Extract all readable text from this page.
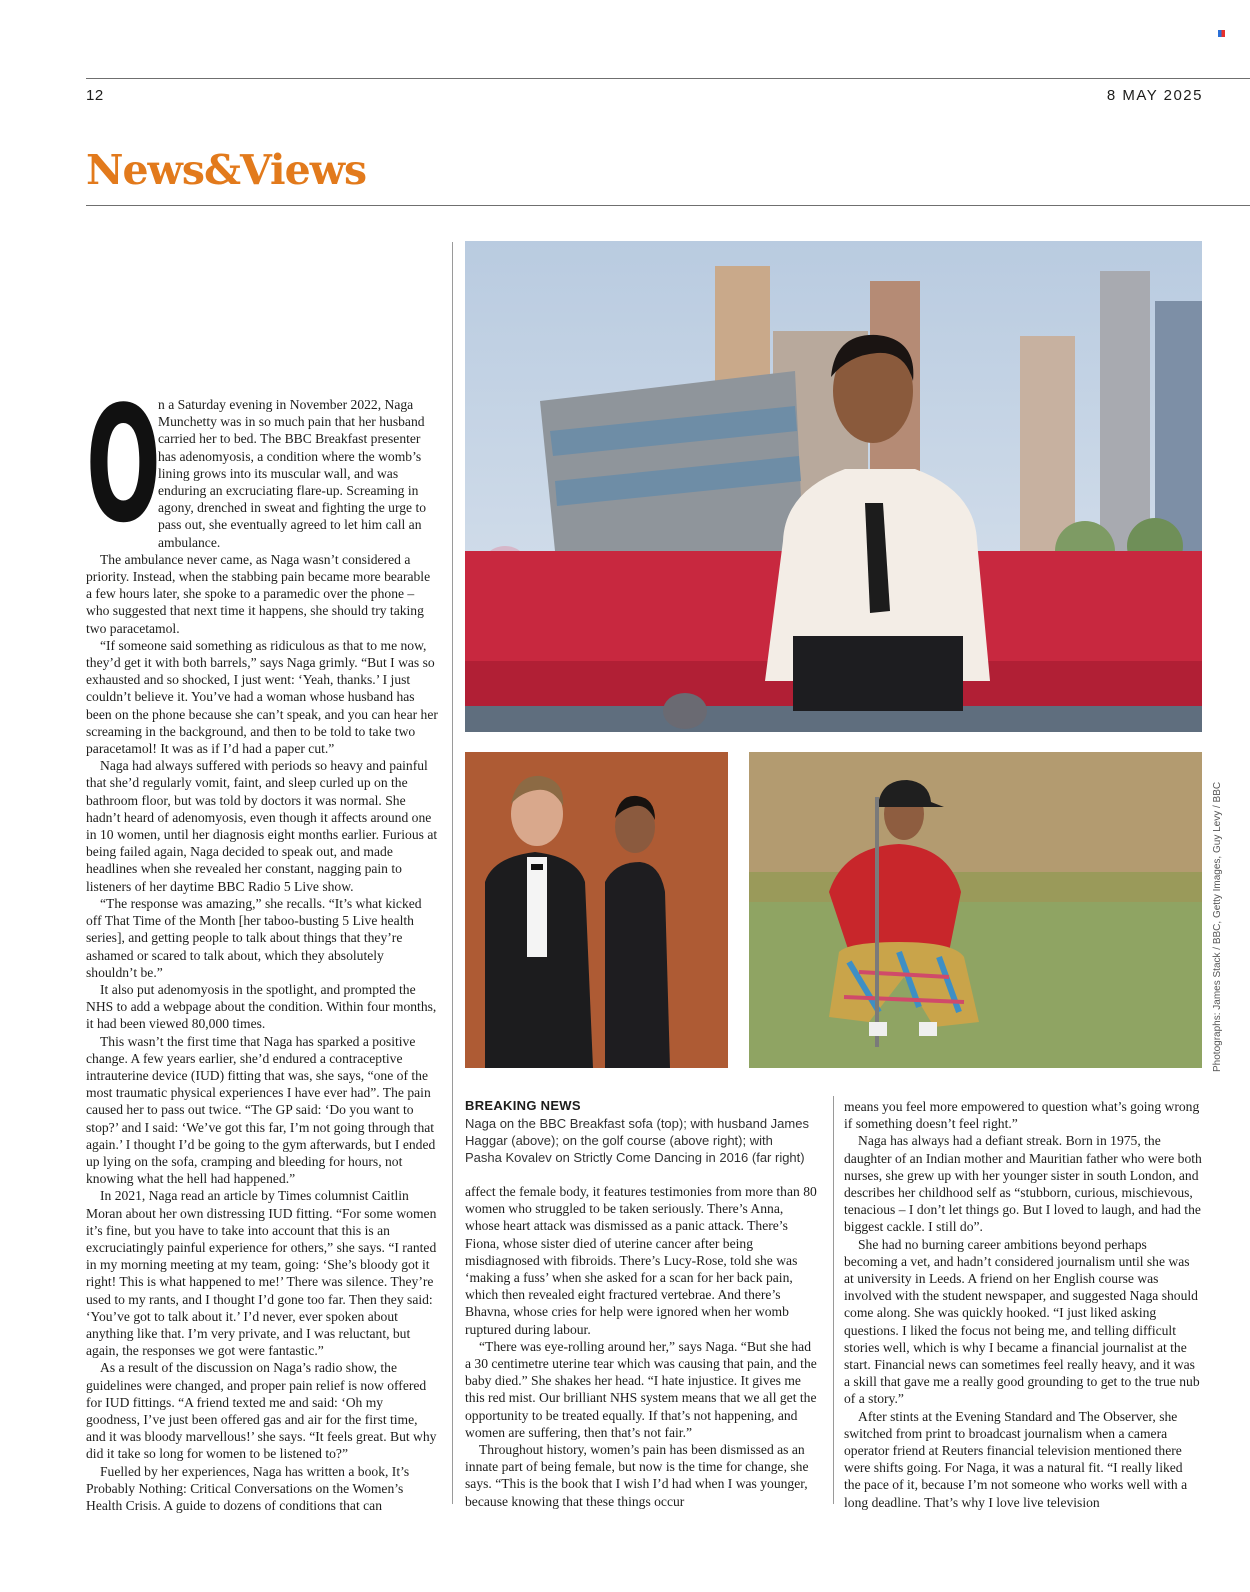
12	8 MAY 2025
News&Views

O
n a Saturday evening in November 2022, Naga Munchetty was in so much pain that her husband carried her to bed. The BBC Breakfast presenter has adenomyosis, a condition where the womb’s lining grows into its muscular wall, and was enduring an excruciating flare-up. Screaming in agony, drenched in sweat and fighting the urge to pass out, she eventually agreed to let him call an ambulance.

The ambulance never came, as Naga wasn’t considered a priority. Instead, when the stabbing pain became more bearable a few hours later, she spoke to a paramedic over the phone – who suggested that next time it happens, she should try taking two paracetamol.

“If someone said something as ridiculous as that to me now, they’d get it with both barrels,” says Naga grimly. “But I was so exhausted and so shocked, I just went: ‘Yeah, thanks.’ I just couldn’t believe it. You’ve had a woman whose husband has been on the phone because she can’t speak, and you can hear her screaming in the background, and then to be told to take two paracetamol! It was as if I’d had a paper cut.”

Naga had always suffered with periods so heavy and painful that she’d regularly vomit, faint, and sleep curled up on the bathroom floor, but was told by doctors it was normal. She hadn’t heard of adenomyosis, even though it affects around one in 10 women, until her diagnosis eight months earlier. Furious at being failed again, Naga decided to speak out, and made headlines when she revealed her constant, nagging pain to listeners of her daytime BBC Radio 5 Live show.

“The response was amazing,” she recalls. “It’s what kicked off That Time of the Month [her taboo-busting 5 Live health series], and getting people to talk about things that they’re ashamed or scared to talk about, which they absolutely shouldn’t be.”

It also put adenomyosis in the spotlight, and prompted the NHS to add a webpage about the condition. Within four months, it had been viewed 80,000 times.

This wasn’t the first time that Naga has sparked a positive change. A few years earlier, she’d endured a contraceptive intrauterine device (IUD) fitting that was, she says, “one of the most traumatic physical experiences I have ever had”. The pain caused her to pass out twice. “The GP said: ‘Do you want to stop?’ and I said: ‘We’ve got this far, I’m not going through that again.’ I thought I’d be going to the gym afterwards, but I ended up lying on the sofa, cramping and bleeding for hours, not knowing what the hell had happened.”

In 2021, Naga read an article by Times columnist Caitlin Moran about her own distressing IUD fitting. “For some women it’s fine, but you have to take into account that this is an excruciatingly painful experience for others,” she says. “I ranted in my morning meeting at my team, going: ‘She’s bloody got it right! This is what happened to me!’ There was silence. They’re used to my rants, and I thought I’d gone too far. Then they said: ‘You’ve got to talk about it.’ I’d never, ever spoken about anything like that. I’m very private, and I was reluctant, but again, the responses we got were fantastic.”

As a result of the discussion on Naga’s radio show, the guidelines were changed, and proper pain relief is now offered for IUD fittings. “A friend texted me and said: ‘Oh my goodness, I’ve just been offered gas and air for the first time, and it was bloody marvellous!’ she says. “It feels great. But why did it take so long for women to be listened to?”

Fuelled by her experiences, Naga has written a book, It’s Probably Nothing: Critical Conversations on the Women’s Health Crisis. A guide to dozens of conditions that can

Photographs: James Stack / BBC, Getty Images, Guy Levy / BBC
BREAKING NEWS
Naga on the BBC Breakfast sofa (top); with husband James Haggar (above); on the golf course (above right); with Pasha Kovalev on Strictly Come Dancing in 2016 (far right)

affect the female body, it features testimonies from more than 80 women who struggled to be taken seriously. There’s Anna, whose heart attack was dismissed as a panic attack. There’s Fiona, whose sister died of uterine cancer after being misdiagnosed with fibroids. There’s Lucy-Rose, told she was ‘making a fuss’ when she asked for a scan for her back pain, which then revealed eight fractured vertebrae. And there’s Bhavna, whose cries for help were ignored when her womb ruptured during labour.

“There was eye-rolling around her,” says Naga. “But she had a 30 centimetre uterine tear which was causing that pain, and the baby died.” She shakes her head. “I hate injustice. It gives me this red mist. Our brilliant NHS system means that we all get the opportunity to be treated equally. If that’s not happening, and women are suffering, then that’s not fair.”

Throughout history, women’s pain has been dismissed as an innate part of being female, but now is the time for change, she says. “This is the book that I wish I’d had when I was younger, because knowing that these things occur

means you feel more empowered to question what’s going wrong if something doesn’t feel right.”

Naga has always had a defiant streak. Born in 1975, the daughter of an Indian mother and Mauritian father who were both nurses, she grew up with her younger sister in south London, and describes her childhood self as “stubborn, curious, mischievous, tenacious – I don’t let things go. But I loved to laugh, and had the biggest cackle. I still do”.

She had no burning career ambitions beyond perhaps becoming a vet, and hadn’t considered journalism until she was at university in Leeds. A friend on her English course was involved with the student newspaper, and suggested Naga should come along. She was quickly hooked. “I just liked asking questions. I liked the focus not being me, and telling difficult stories well, which is why I became a financial journalist at the start. Financial news can sometimes feel really heavy, and it was a skill that gave me a really good grounding to get to the true nub of a story.”

After stints at the Evening Standard and The Observer, she switched from print to broadcast journalism when a camera operator friend at Reuters financial television mentioned there were shifts going. For Naga, it was a natural fit. “I really liked the pace of it, because I’m not someone who works well with a long deadline. That’s why I love live television
